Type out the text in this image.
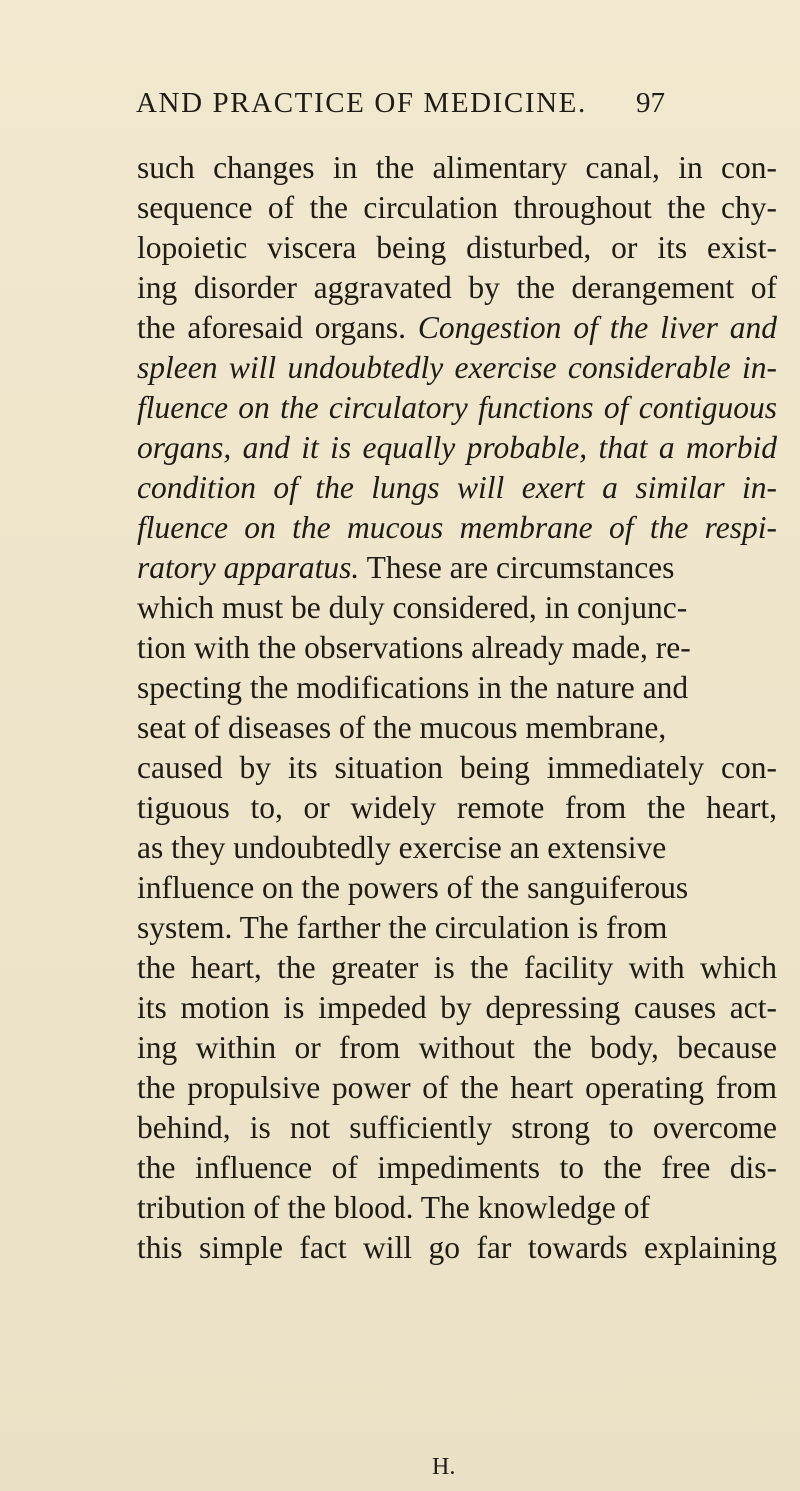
AND PRACTICE OF MEDICINE. 97
such changes in the alimentary canal, in con-
sequence of the circulation throughout the chy-
lopoietic viscera being disturbed, or its exist-
ing disorder aggravated by the derangement of
the aforesaid organs. Congestion of the liver and
spleen will undoubtedly exercise considerable in-
fluence on the circulatory functions of contiguous
organs, and it is equally probable, that a morbid
condition of the lungs will exert a similar in-
fluence on the mucous membrane of the respi-
ratory apparatus. These are circumstances
which must be duly considered, in conjunc-
tion with the observations already made, re-
specting the modifications in the nature and
seat of diseases of the mucous membrane,
caused by its situation being immediately con-
tiguous to, or widely remote from the heart,
as they undoubtedly exercise an extensive
influence on the powers of the sanguiferous
system. The farther the circulation is from
the heart, the greater is the facility with which
its motion is impeded by depressing causes act-
ing within or from without the body, because
the propulsive power of the heart operating from
behind, is not sufficiently strong to overcome
the influence of impediments to the free dis-
tribution of the blood. The knowledge of
this simple fact will go far towards explaining
H.
